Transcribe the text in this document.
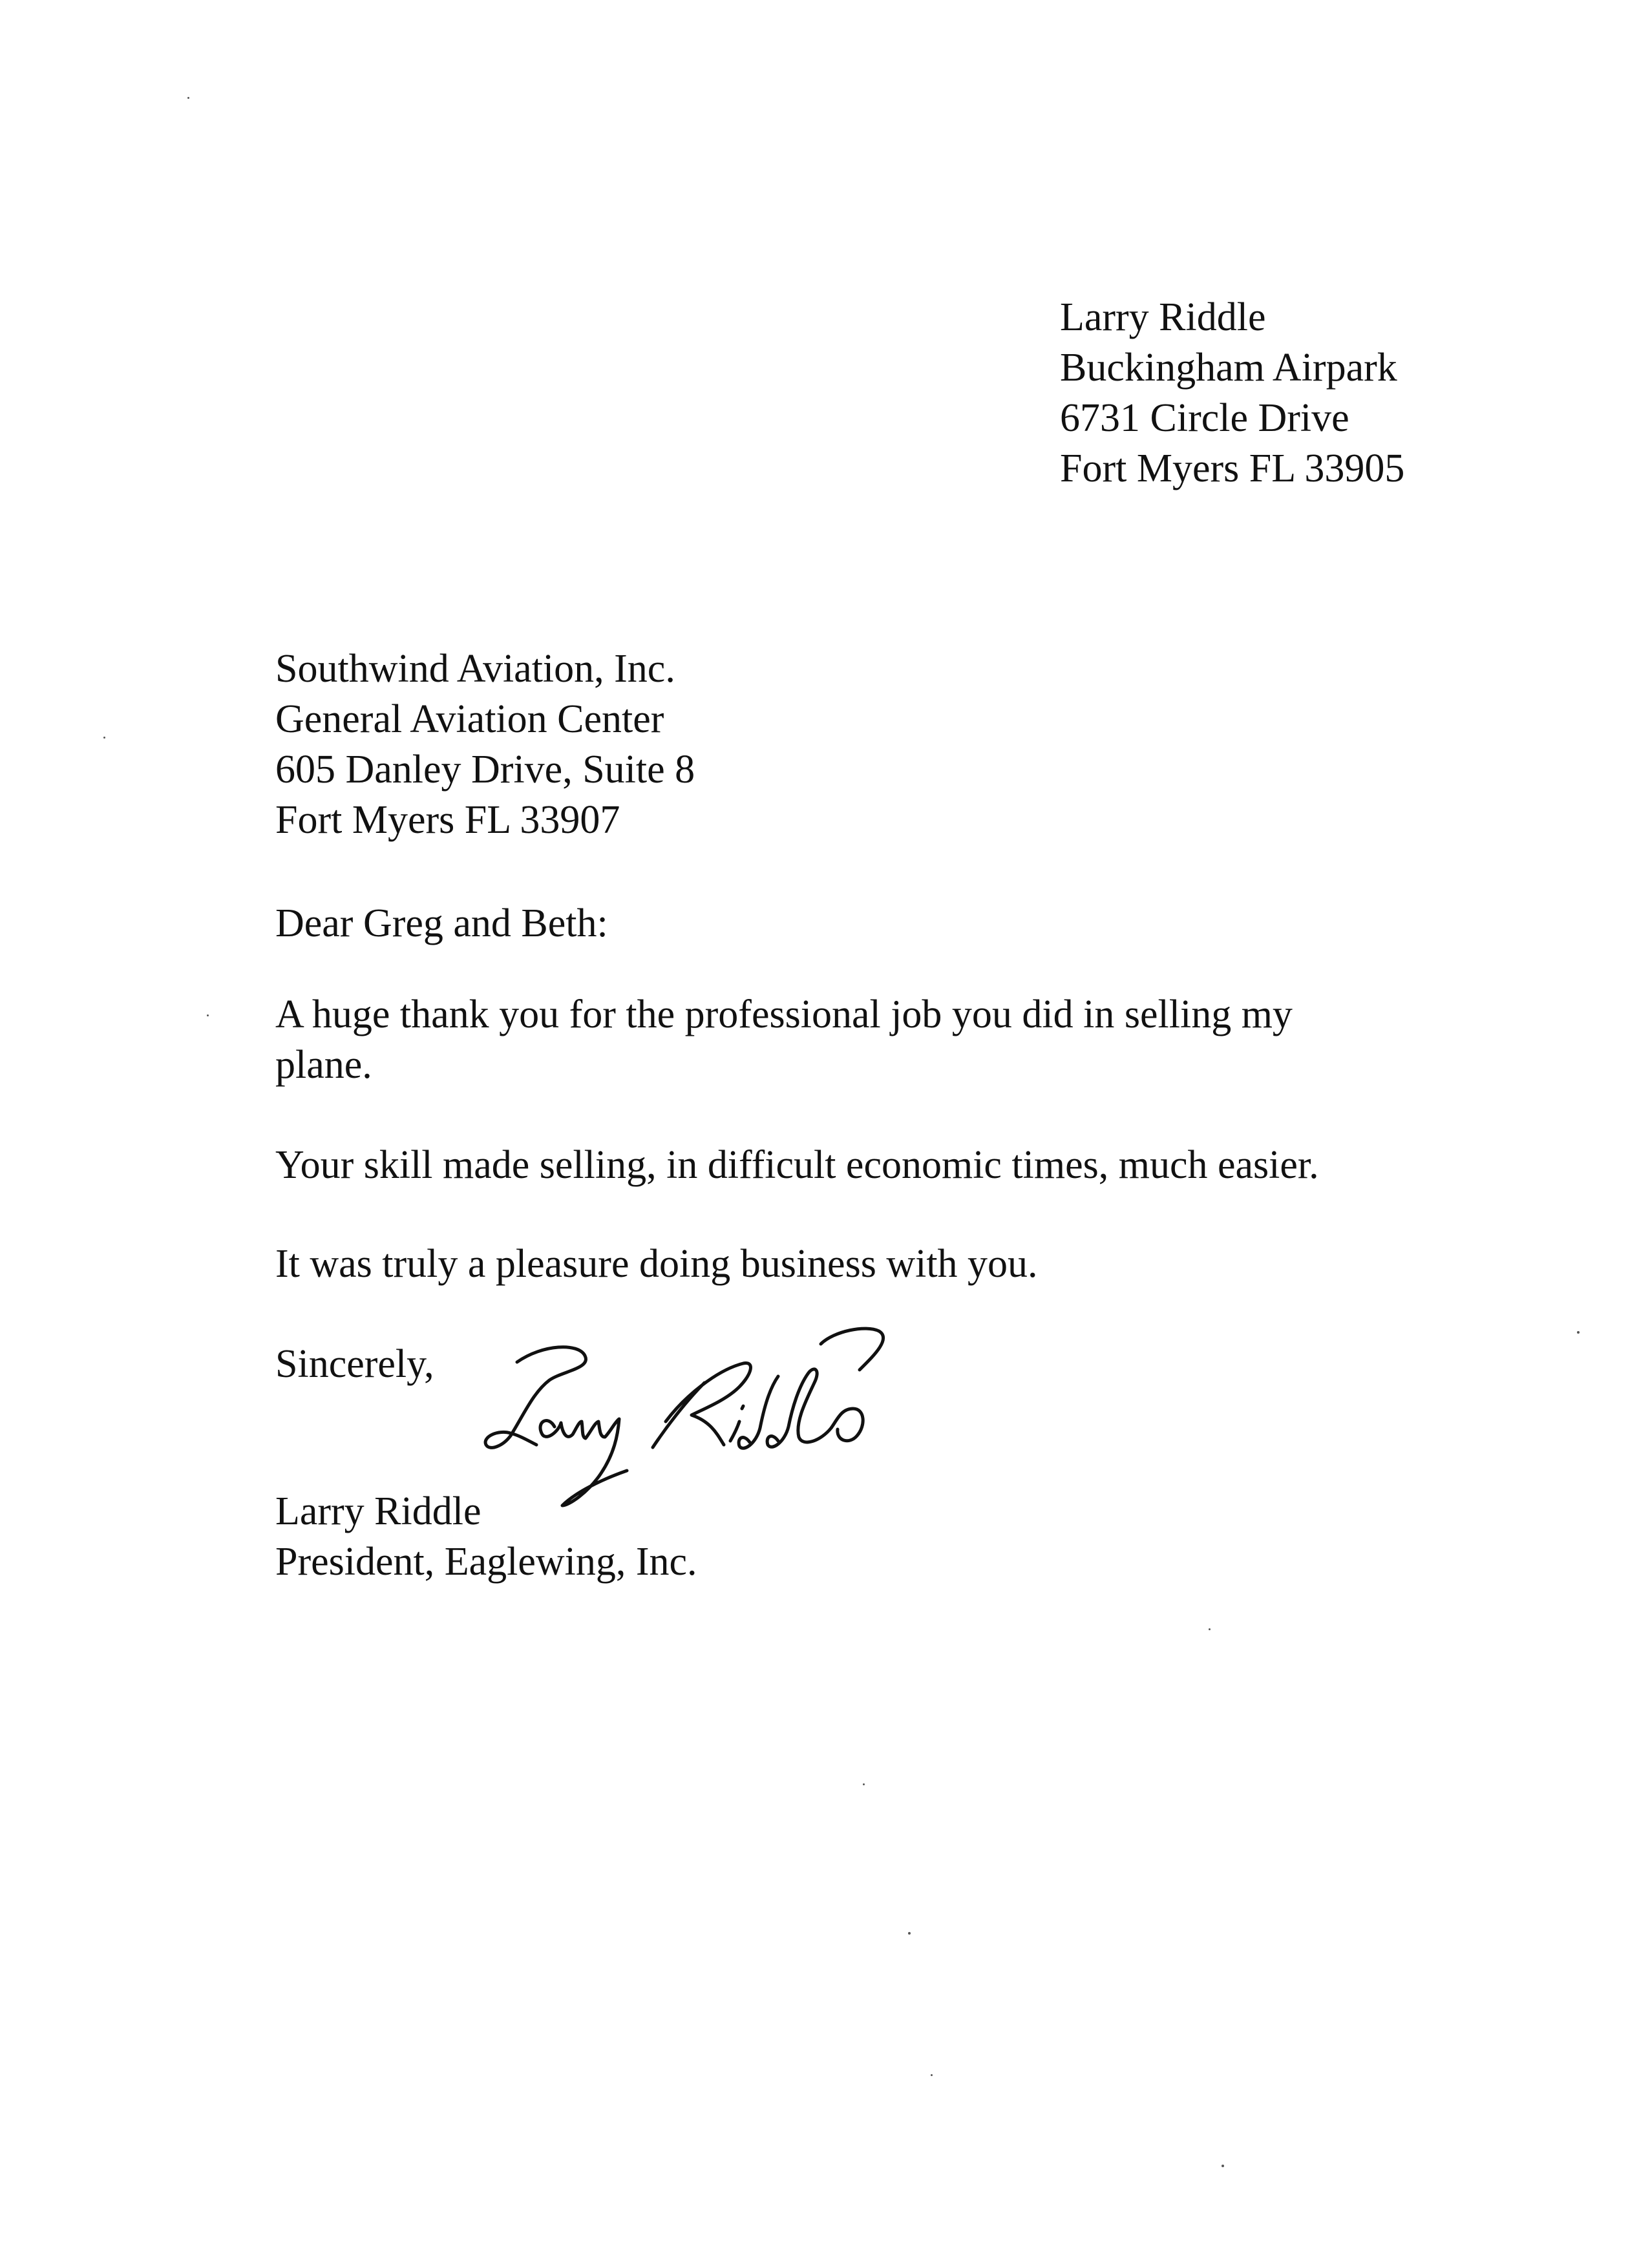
Larry Riddle
Buckingham Airpark
6731 Circle Drive
Fort Myers FL 33905
Southwind Aviation, Inc.
General Aviation Center
605 Danley Drive, Suite 8
Fort Myers FL 33907
Dear Greg and Beth:
A huge thank you for the professional job you did in selling my
plane.
Your skill made selling, in difficult economic times, much easier.
It was truly a pleasure doing business with you.
Sincerely,
Larry Riddle
President, Eaglewing, Inc.
